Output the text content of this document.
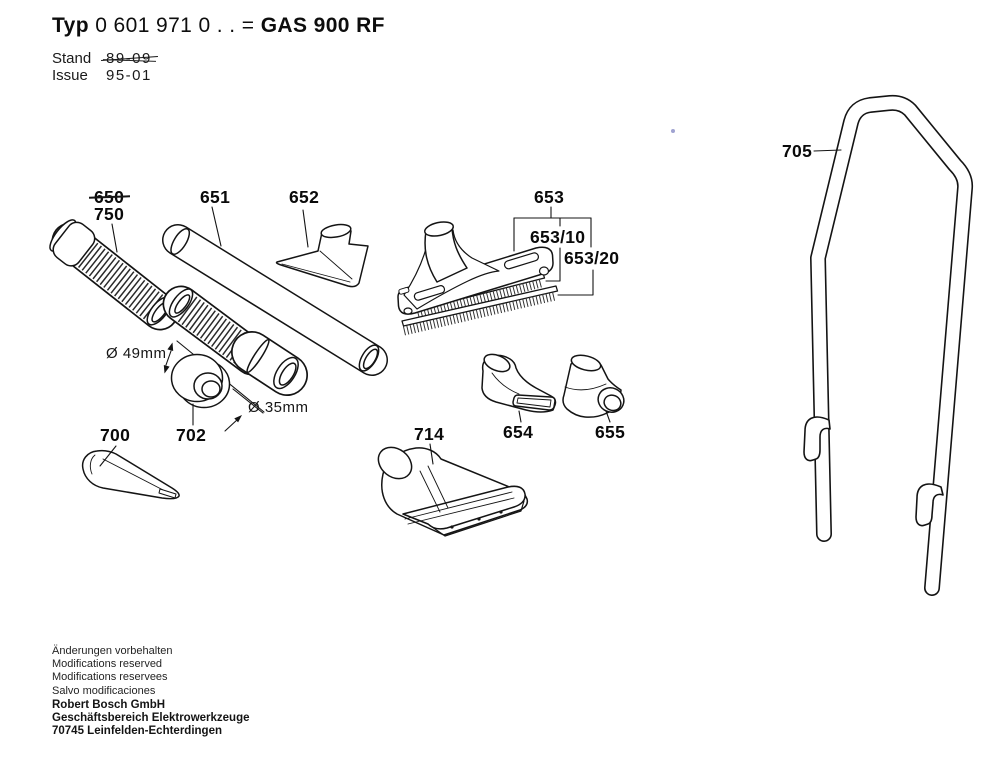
Typ 0 601 971 0 . . = GAS 900 RF
Stand 89-09
Issue 95-01
650
750
651	652	653
653/10
653/20
705
700	702	714	654	655
Ø 49mm
Ø 35mm
Änderungen vorbehalten
Modifications reserved
Modifications reservees
Salvo modificaciones
Robert Bosch GmbH
Geschäftsbereich Elektrowerkzeuge
70745 Leinfelden-Echterdingen
